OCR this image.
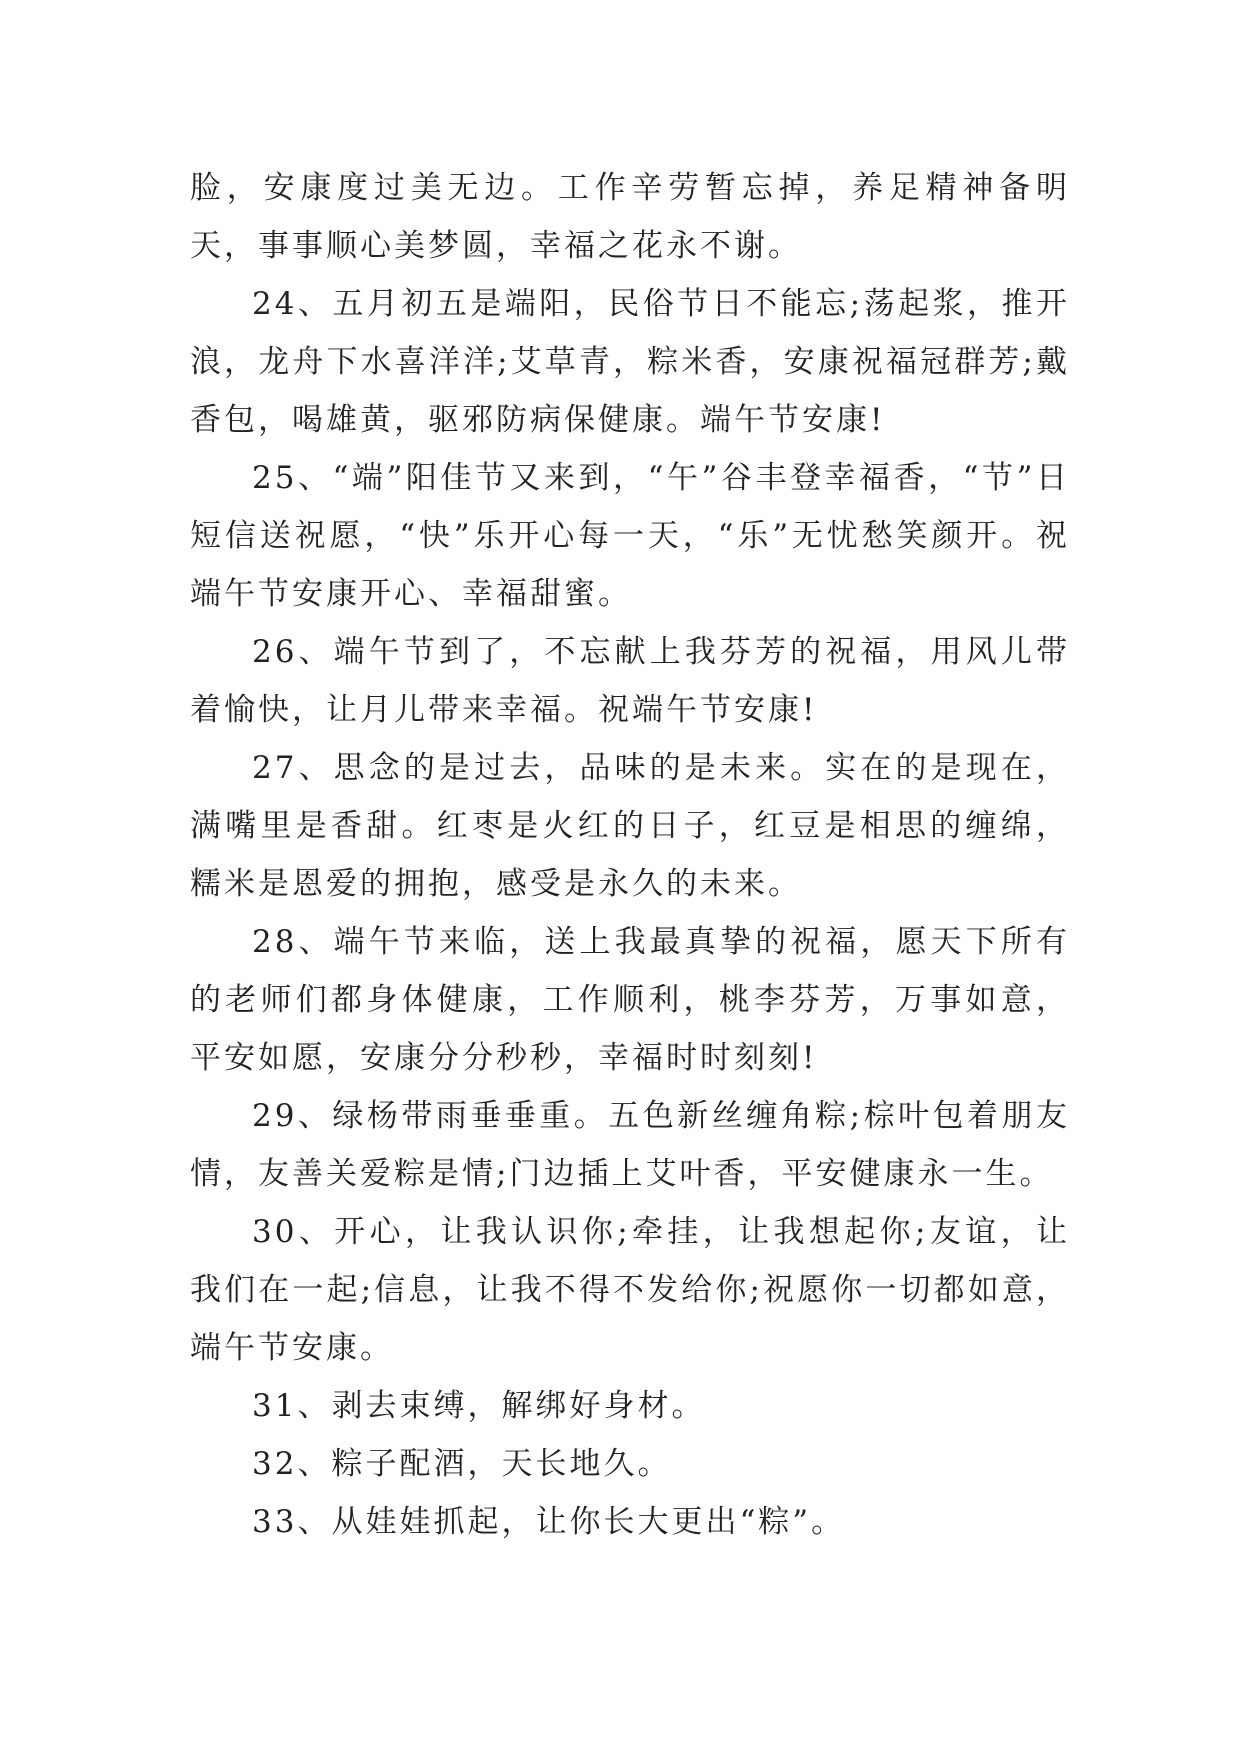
脸，安康度过美无边。工作辛劳暂忘掉，养足精神备明天，事事顺心美梦圆，幸福之花永不谢。

24、五月初五是端阳，民俗节日不能忘;荡起浆，推开浪，龙舟下水喜洋洋;艾草青，粽米香，安康祝福冠群芳;戴香包，喝雄黄，驱邪防病保健康。端午节安康!

25、“端”阳佳节又来到，“午”谷丰登幸福香，“节”日短信送祝愿，“快”乐开心每一天，“乐”无忧愁笑颜开。祝端午节安康开心、幸福甜蜜。

26、端午节到了，不忘献上我芬芳的祝福，用风儿带着愉快，让月儿带来幸福。祝端午节安康!

27、思念的是过去，品味的是未来。实在的是现在，满嘴里是香甜。红枣是火红的日子，红豆是相思的缠绵，糯米是恩爱的拥抱，感受是永久的未来。

28、端午节来临，送上我最真挚的祝福，愿天下所有的老师们都身体健康，工作顺利，桃李芬芳，万事如意，平安如愿，安康分分秒秒，幸福时时刻刻!

29、绿杨带雨垂垂重。五色新丝缠角粽;棕叶包着朋友情，友善关爱粽是情;门边插上艾叶香，平安健康永一生。

30、开心，让我认识你;牵挂，让我想起你;友谊，让我们在一起;信息，让我不得不发给你;祝愿你一切都如意，端午节安康。

31、剥去束缚，解绑好身材。

32、粽子配酒，天长地久。

33、从娃娃抓起，让你长大更出“粽”。
